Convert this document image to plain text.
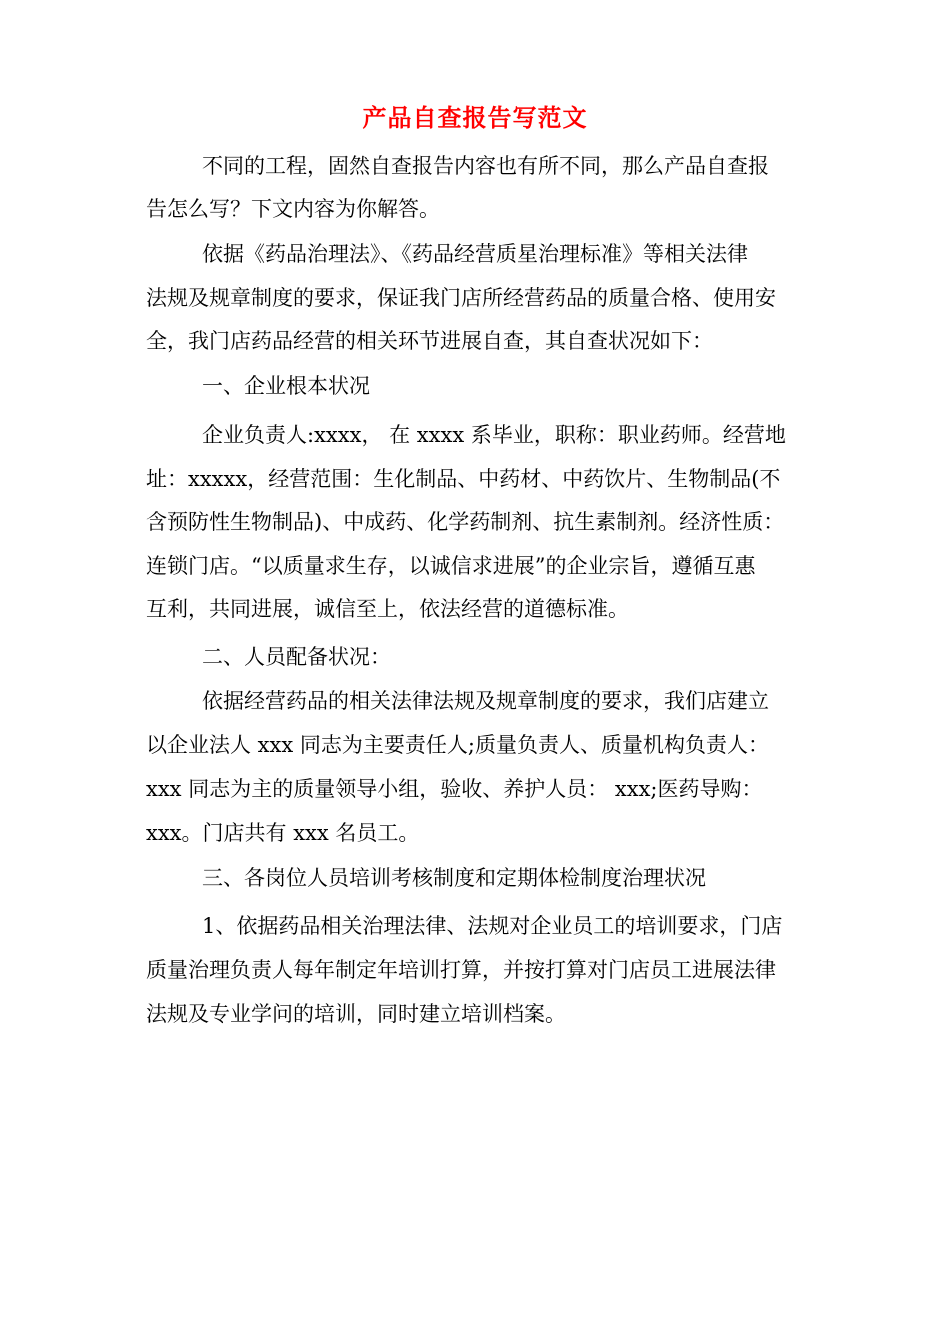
产品自查报告写范文
不同的工程，固然自查报告内容也有所不同，那么产品自查报
告怎么写？下文内容为你解答。
依据《药品治理法》、《药品经营质星治理标准》等相关法律
法规及规章制度的要求，保证我门店所经营药品的质量合格、使用安
全，我门店药品经营的相关环节进展自查，其自查状况如下：
一、企业根本状况
企业负责人:xxxx， 在 xxxx 系毕业，职称：职业药师。经营地
址：xxxxx，经营范围：生化制品、中药材、中药饮片、生物制品(不
含预防性生物制品)、中成药、化学药制剂、抗生素制剂。经济性质：
连锁门店。“以质量求生存，以诚信求进展”的企业宗旨，遵循互惠
互利，共同进展，诚信至上，依法经营的道德标准。
二、人员配备状况：
依据经营药品的相关法律法规及规章制度的要求，我们店建立
以企业法人 xxx 同志为主要责任人;质量负责人、质量机构负责人：
xxx 同志为主的质量领导小组，验收、养护人员： xxx;医药导购：
xxx。门店共有 xxx 名员工。
三、各岗位人员培训考核制度和定期体检制度治理状况
1、依据药品相关治理法律、法规对企业员工的培训要求，门店
质量治理负责人每年制定年培训打算，并按打算对门店员工进展法律
法规及专业学问的培训，同时建立培训档案。
